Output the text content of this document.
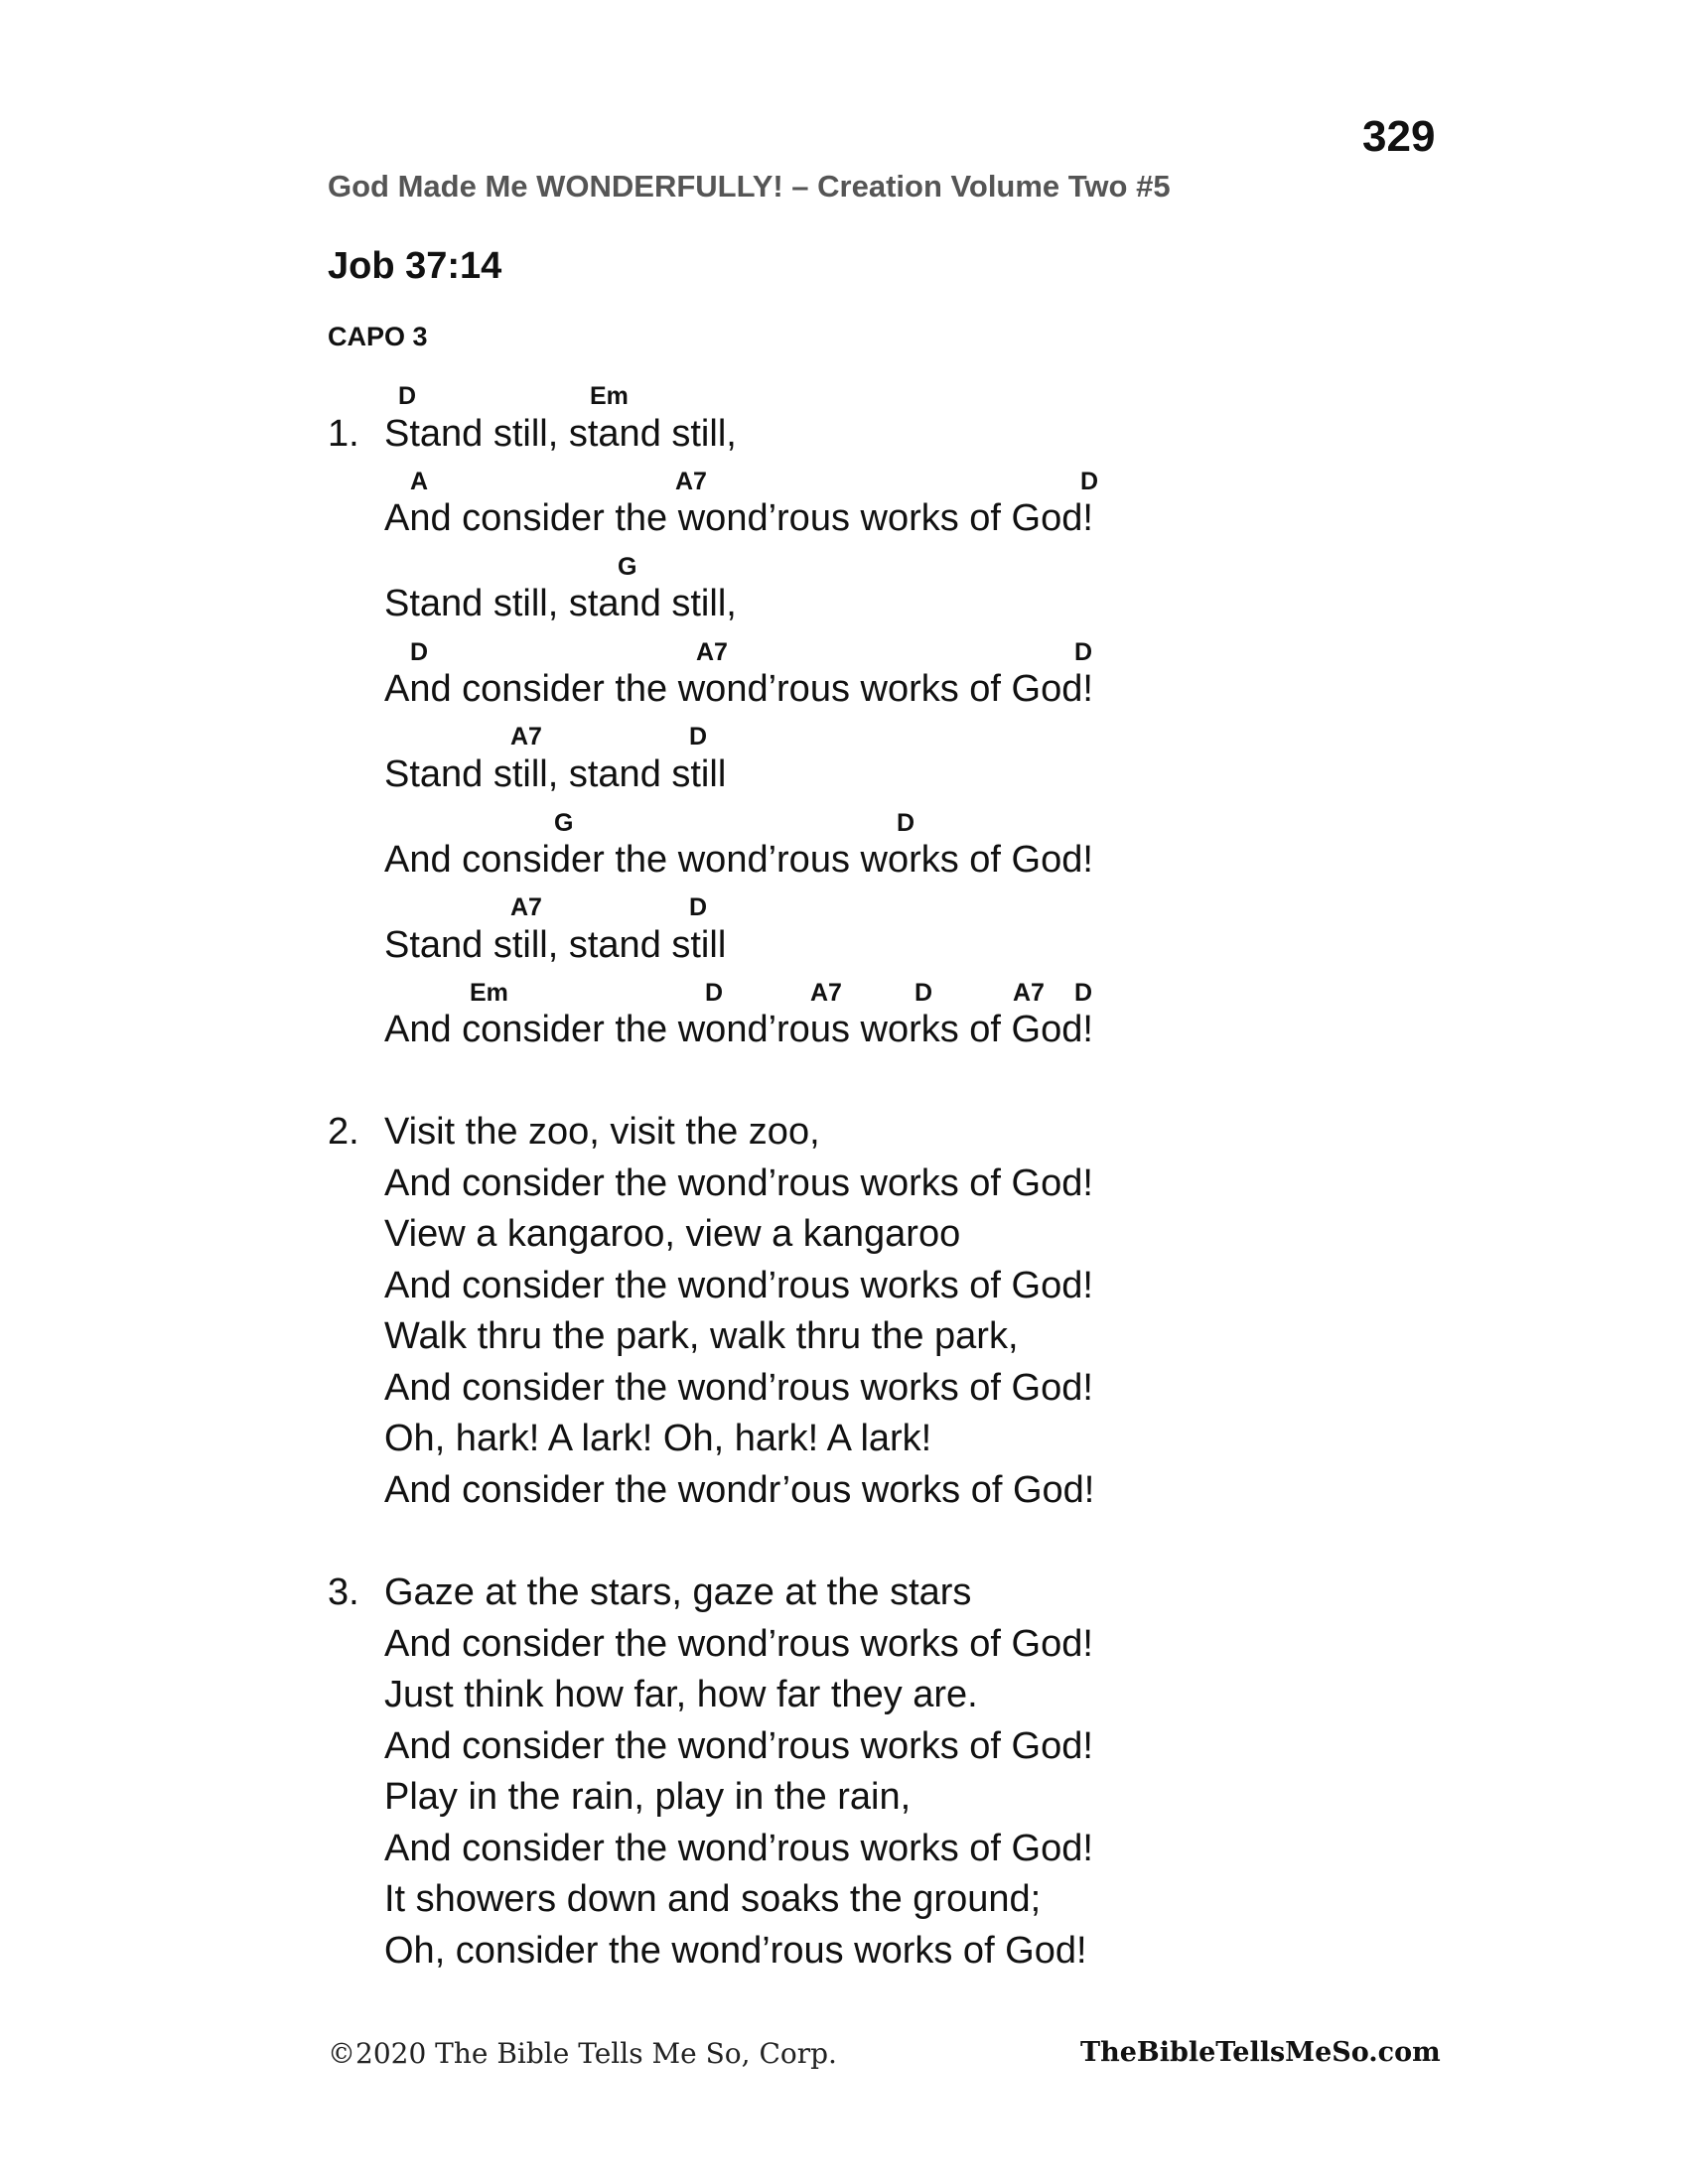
329
God Made Me WONDERFULLY! – Creation Volume Two #5
Job 37:14
CAPO 3
1.
D	Em
Stand still, stand still,
A	A7	D
And consider the wond’rous works of God!
G
Stand still, stand still,
D	A7	D
And consider the wond’rous works of God!
A7	D
Stand still, stand still
G	D
And consider the wond’rous works of God!
A7	D
Stand still, stand still
Em	D	A7	D	A7 D
And consider the wond’rous works of God!
2. Visit the zoo, visit the zoo,
And consider the wond’rous works of God!
View a kangaroo, view a kangaroo
And consider the wond’rous works of God!
Walk thru the park, walk thru the park,
And consider the wond’rous works of God!
Oh, hark! A lark! Oh, hark! A lark!
And consider the wondr’ous works of God!
3. Gaze at the stars, gaze at the stars
And consider the wond’rous works of God!
Just think how far, how far they are.
And consider the wond’rous works of God!
Play in the rain, play in the rain,
And consider the wond’rous works of God!
It showers down and soaks the ground;
Oh, consider the wond’rous works of God!
©2020 The Bible Tells Me So, Corp.	TheBibleTellsMeSo.com
